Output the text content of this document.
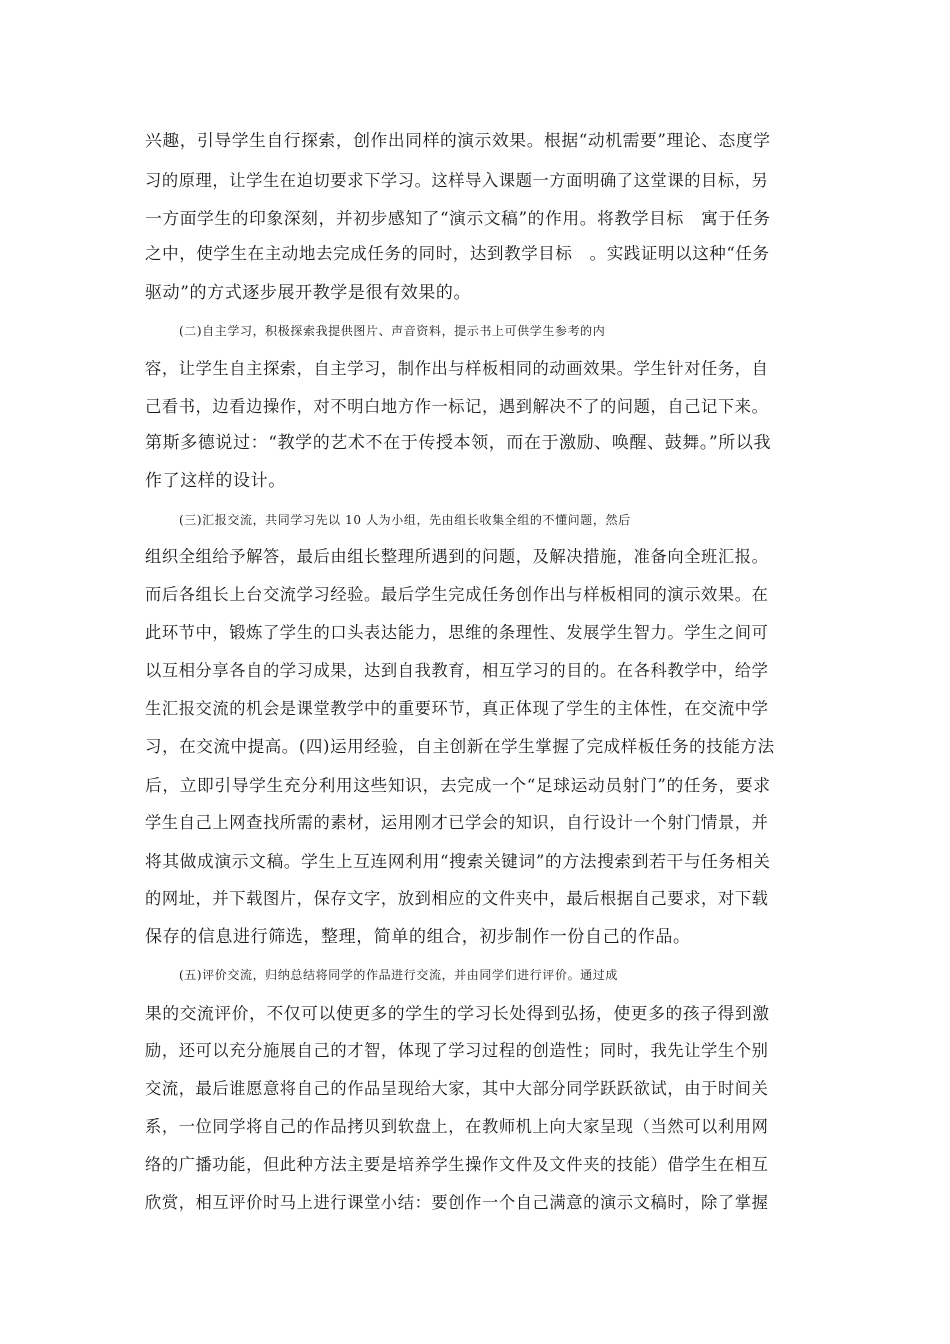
兴趣，引导学生自行探索，创作出同样的演示效果。根据“动机需要”理论、态度学
习的原理，让学生在迫切要求下学习。这样导入课题一方面明确了这堂课的目标，另
一方面学生的印象深刻，并初步感知了“演示文稿”的作用。将教学目标　寓于任务
之中，使学生在主动地去完成任务的同时，达到教学目标　。实践证明以这种“任务
驱动”的方式逐步展开教学是很有效果的。
(二)自主学习，积极探索我提供图片、声音资料，提示书上可供学生参考的内
容，让学生自主探索，自主学习，制作出与样板相同的动画效果。学生针对任务，自
己看书，边看边操作，对不明白地方作一标记，遇到解决不了的问题，自己记下来。
第斯多德说过：“教学的艺术不在于传授本领，而在于激励、唤醒、鼓舞。”所以我
作了这样的设计。
(三)汇报交流，共同学习先以 10 人为小组，先由组长收集全组的不懂问题，然后
组织全组给予解答，最后由组长整理所遇到的问题，及解决措施，准备向全班汇报。
而后各组长上台交流学习经验。最后学生完成任务创作出与样板相同的演示效果。在
此环节中，锻炼了学生的口头表达能力，思维的条理性、发展学生智力。学生之间可
以互相分享各自的学习成果，达到自我教育，相互学习的目的。在各科教学中，给学
生汇报交流的机会是课堂教学中的重要环节，真正体现了学生的主体性，在交流中学
习，在交流中提高。(四)运用经验，自主创新在学生掌握了完成样板任务的技能方法
后，立即引导学生充分利用这些知识，去完成一个“足球运动员射门”的任务，要求
学生自己上网查找所需的素材，运用刚才已学会的知识，自行设计一个射门情景，并
将其做成演示文稿。学生上互连网利用“搜索关键词”的方法搜索到若干与任务相关
的网址，并下载图片，保存文字，放到相应的文件夹中，最后根据自己要求，对下载
保存的信息进行筛选，整理，简单的组合，初步制作一份自己的作品。
(五)评价交流，归纳总结将同学的作品进行交流，并由同学们进行评价。通过成
果的交流评价，不仅可以使更多的学生的学习长处得到弘扬，使更多的孩子得到激
励，还可以充分施展自己的才智，体现了学习过程的创造性；同时，我先让学生个别
交流，最后谁愿意将自己的作品呈现给大家，其中大部分同学跃跃欲试，由于时间关
系，一位同学将自己的作品拷贝到软盘上，在教师机上向大家呈现（当然可以利用网
络的广播功能，但此种方法主要是培养学生操作文件及文件夹的技能）借学生在相互
欣赏，相互评价时马上进行课堂小结：要创作一个自己满意的演示文稿时，除了掌握
